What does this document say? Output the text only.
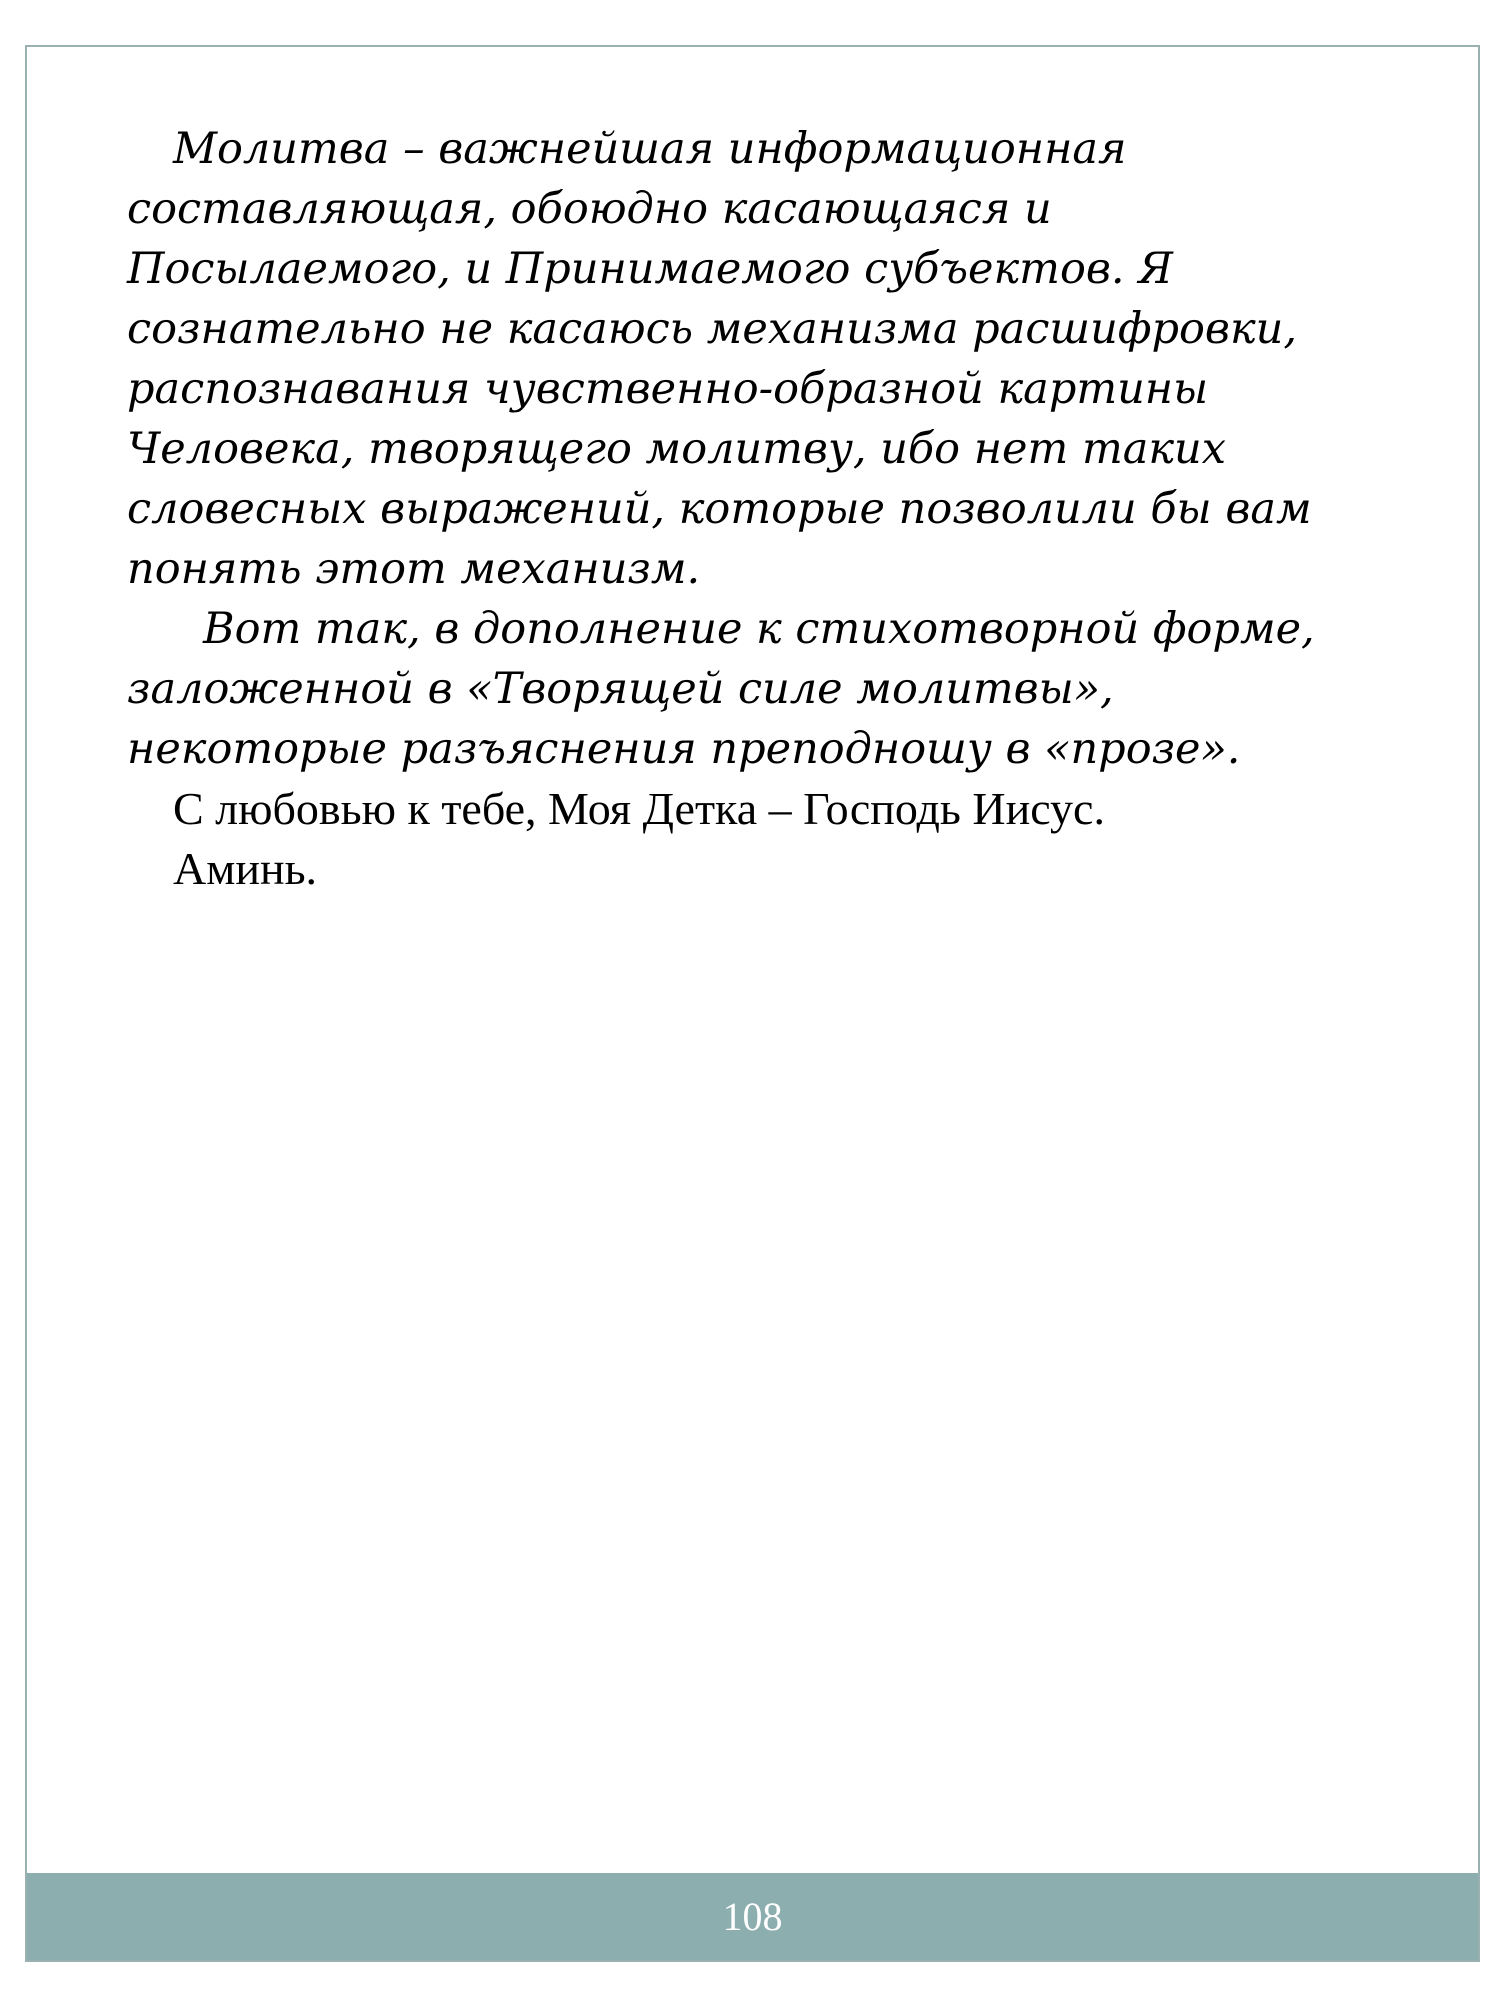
Молитва – важнейшая информационная
составляющая, обоюдно касающаяся и
Посылаемого, и Принимаемого субъектов. Я
сознательно не касаюсь механизма расшифровки,
распознавания чувственно-образной картины
Человека, творящего молитву, ибо нет таких
словесных выражений, которые позволили бы вам
понять этот механизм.
Вот так, в дополнение к стихотворной форме,
заложенной в «Творящей силе молитвы»,
некоторые разъяснения преподношу в «прозе».
С любовью к тебе, Моя Детка – Господь Иисус.
Аминь.
108
